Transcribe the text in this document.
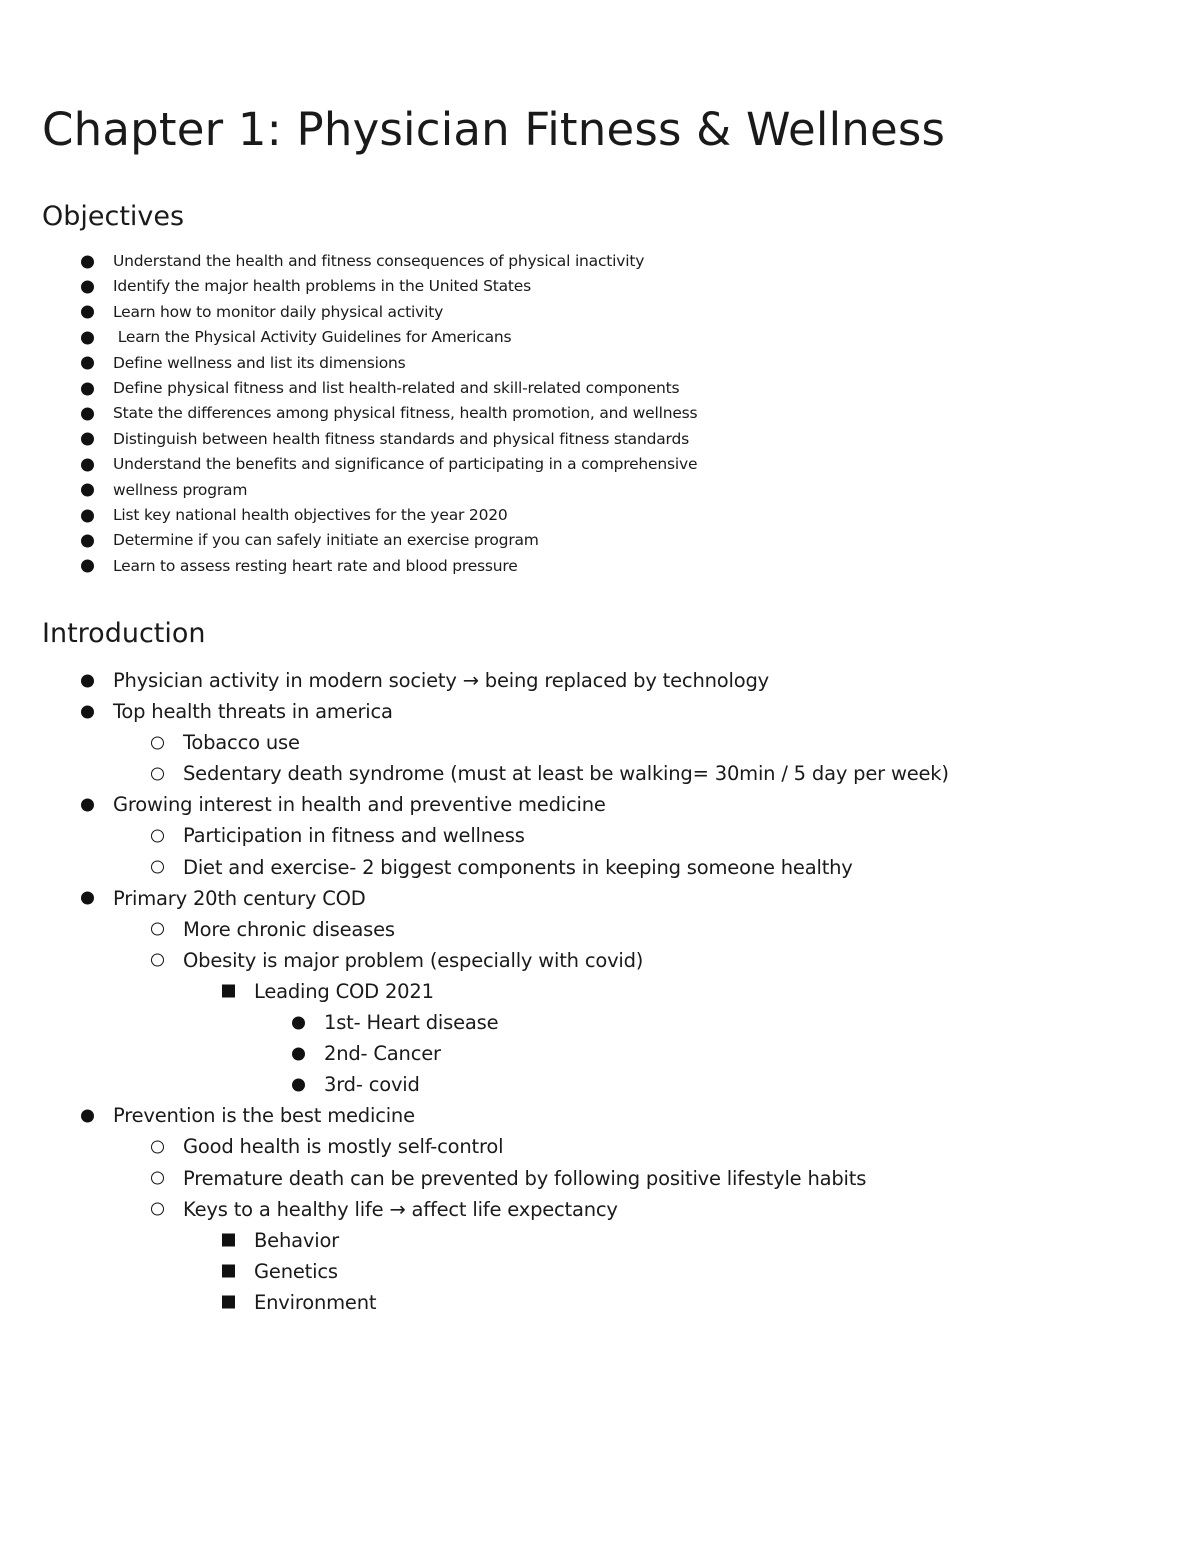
Chapter 1: Physician Fitness & Wellness
Objectives
Understand the health and fitness consequences of physical inactivity
Identify the major health problems in the United States
Learn how to monitor daily physical activity
Learn the Physical Activity Guidelines for Americans
Define wellness and list its dimensions
Define physical fitness and list health-related and skill-related components
State the differences among physical fitness, health promotion, and wellness
Distinguish between health fitness standards and physical fitness standards
Understand the benefits and significance of participating in a comprehensive
wellness program
List key national health objectives for the year 2020
Determine if you can safely initiate an exercise program
Learn to assess resting heart rate and blood pressure
Introduction
Physician activity in modern society → being replaced by technology
Top health threats in america
Tobacco use
Sedentary death syndrome (must at least be walking= 30min / 5 day per week)
Growing interest in health and preventive medicine
Participation in fitness and wellness
Diet and exercise- 2 biggest components in keeping someone healthy
Primary 20th century COD
More chronic diseases
Obesity is major problem (especially with covid)
Leading COD 2021
1st- Heart disease
2nd- Cancer
3rd- covid
Prevention is the best medicine
Good health is mostly self-control
Premature death can be prevented by following positive lifestyle habits
Keys to a healthy life → affect life expectancy
Behavior
Genetics
Environment
